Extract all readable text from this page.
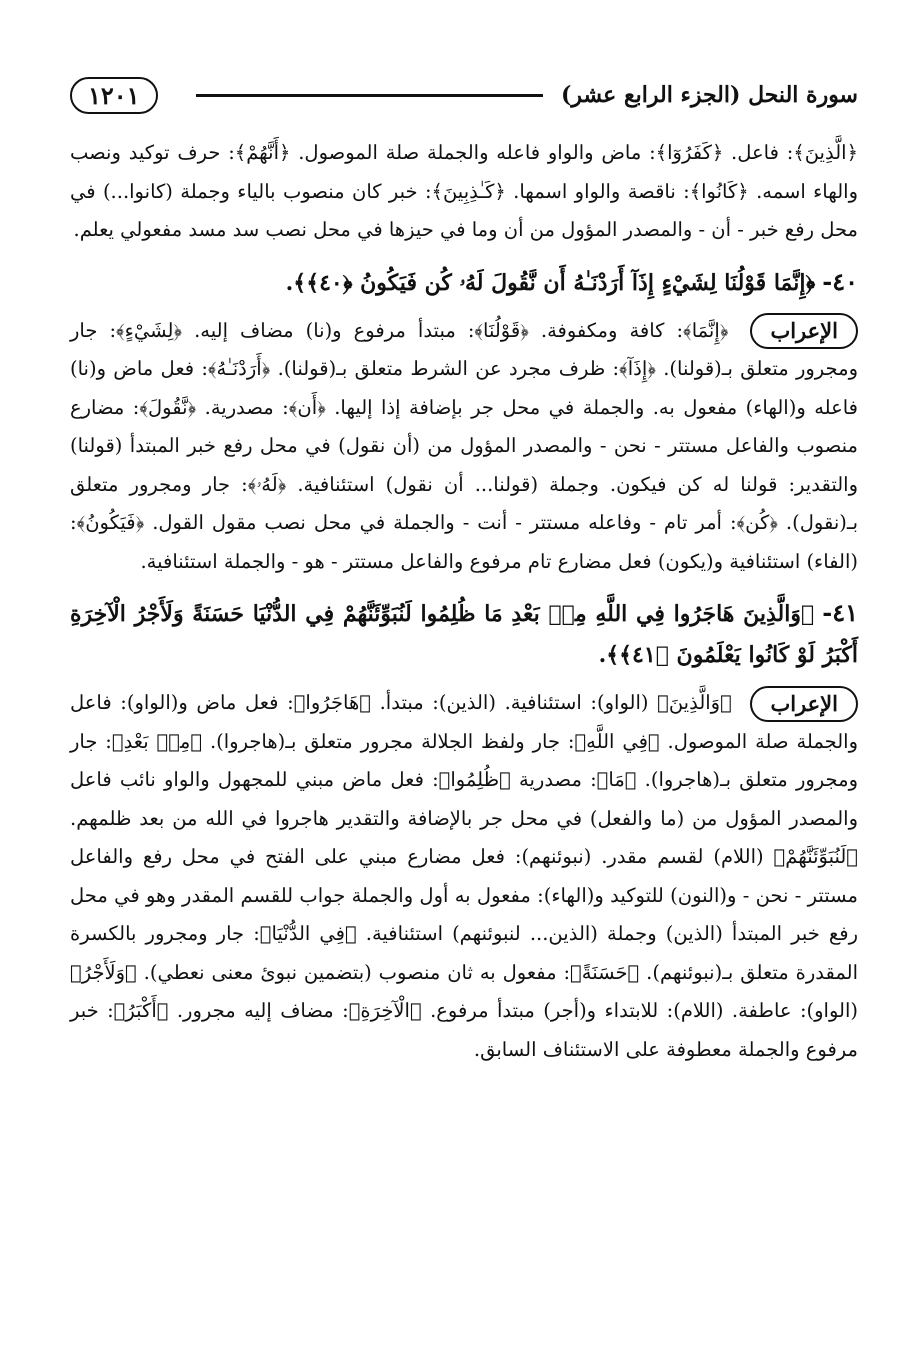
سورة النحل (الجزء الرابع عشر)
١٢٠١

﴿الَّذِينَ﴾: فاعل. ﴿كَفَرُوٓا﴾: ماض والواو فاعله والجملة صلة الموصول. ﴿أَنَّهُمْ﴾: حرف توكيد ونصب والهاء اسمه. ﴿كَانُوا﴾: ناقصة والواو اسمها. ﴿كَـٰذِبِينَ﴾: خبر كان منصوب بالياء وجملة (كانوا...) في محل رفع خبر - أن - والمصدر المؤول من أن وما في حيزها في محل نصب سد مسد مفعولي يعلم.

٤٠- ﴿إِنَّمَا قَوْلُنَا لِشَيْءٍ إِذَآ أَرَدْنَـٰهُ أَن نَّقُولَ لَهُۥ كُن فَيَكُونُ ﴿٤٠﴾﴾.

الإعراب ﴿إِنَّمَا﴾: كافة ومكفوفة. ﴿قَوْلُنَا﴾: مبتدأ مرفوع و(نا) مضاف إليه. ﴿لِشَيْءٍ﴾: جار ومجرور متعلق بـ(قولنا). ﴿إِذَآ﴾: ظرف مجرد عن الشرط متعلق بـ(قولنا). ﴿أَرَدْنَـٰهُ﴾: فعل ماض و(نا) فاعله و(الهاء) مفعول به. والجملة في محل جر بإضافة إذا إليها. ﴿أَن﴾: مصدرية. ﴿نَّقُولَ﴾: مضارع منصوب والفاعل مستتر - نحن - والمصدر المؤول من (أن نقول) في محل رفع خبر المبتدأ (قولنا) والتقدير: قولنا له كن فيكون. وجملة (قولنا... أن نقول) استئنافية. ﴿لَهُۥ﴾: جار ومجرور متعلق بـ(نقول). ﴿كُن﴾: أمر تام - وفاعله مستتر - أنت - والجملة في محل نصب مقول القول. ﴿فَيَكُونُ﴾: (الفاء) استئنافية و(يكون) فعل مضارع تام مرفوع والفاعل مستتر - هو - والجملة استئنافية.

٤١- ﴿وَالَّذِينَ هَاجَرُوا فِي اللَّهِ مِنۢ بَعْدِ مَا ظُلِمُوا لَنُبَوِّئَنَّهُمْ فِي الدُّنْيَا حَسَنَةً وَلَأَجْرُ الْآخِرَةِ أَكْبَرُ لَوْ كَانُوا يَعْلَمُونَ ﴿٤١﴾﴾.

الإعراب ﴿وَالَّذِينَ﴾ (الواو): استئنافية. (الذين): مبتدأ. ﴿هَاجَرُوا﴾: فعل ماض و(الواو): فاعل والجملة صلة الموصول. ﴿فِي اللَّهِ﴾: جار ولفظ الجلالة مجرور متعلق بـ(هاجروا). ﴿مِنۢ بَعْدِ﴾: جار ومجرور متعلق بـ(هاجروا). ﴿مَا﴾: مصدرية ﴿ظُلِمُوا﴾: فعل ماض مبني للمجهول والواو نائب فاعل والمصدر المؤول من (ما والفعل) في محل جر بالإضافة والتقدير هاجروا في الله من بعد ظلمهم. ﴿لَنُبَوِّئَنَّهُمْ﴾ (اللام) لقسم مقدر. (نبوئنهم): فعل مضارع مبني على الفتح في محل رفع والفاعل مستتر - نحن - و(النون) للتوكيد و(الهاء): مفعول به أول والجملة جواب للقسم المقدر وهو في محل رفع خبر المبتدأ (الذين) وجملة (الذين... لنبوئنهم) استئنافية. ﴿فِي الدُّنْيَا﴾: جار ومجرور بالكسرة المقدرة متعلق بـ(نبوئنهم). ﴿حَسَنَةً﴾: مفعول به ثان منصوب (بتضمين نبوئ معنى نعطي). ﴿وَلَأَجْرُ﴾ (الواو): عاطفة. (اللام): للابتداء و(أجر) مبتدأ مرفوع. ﴿الْآخِرَةِ﴾: مضاف إليه مجرور. ﴿أَكْبَرُ﴾: خبر مرفوع والجملة معطوفة على الاستئناف السابق.
